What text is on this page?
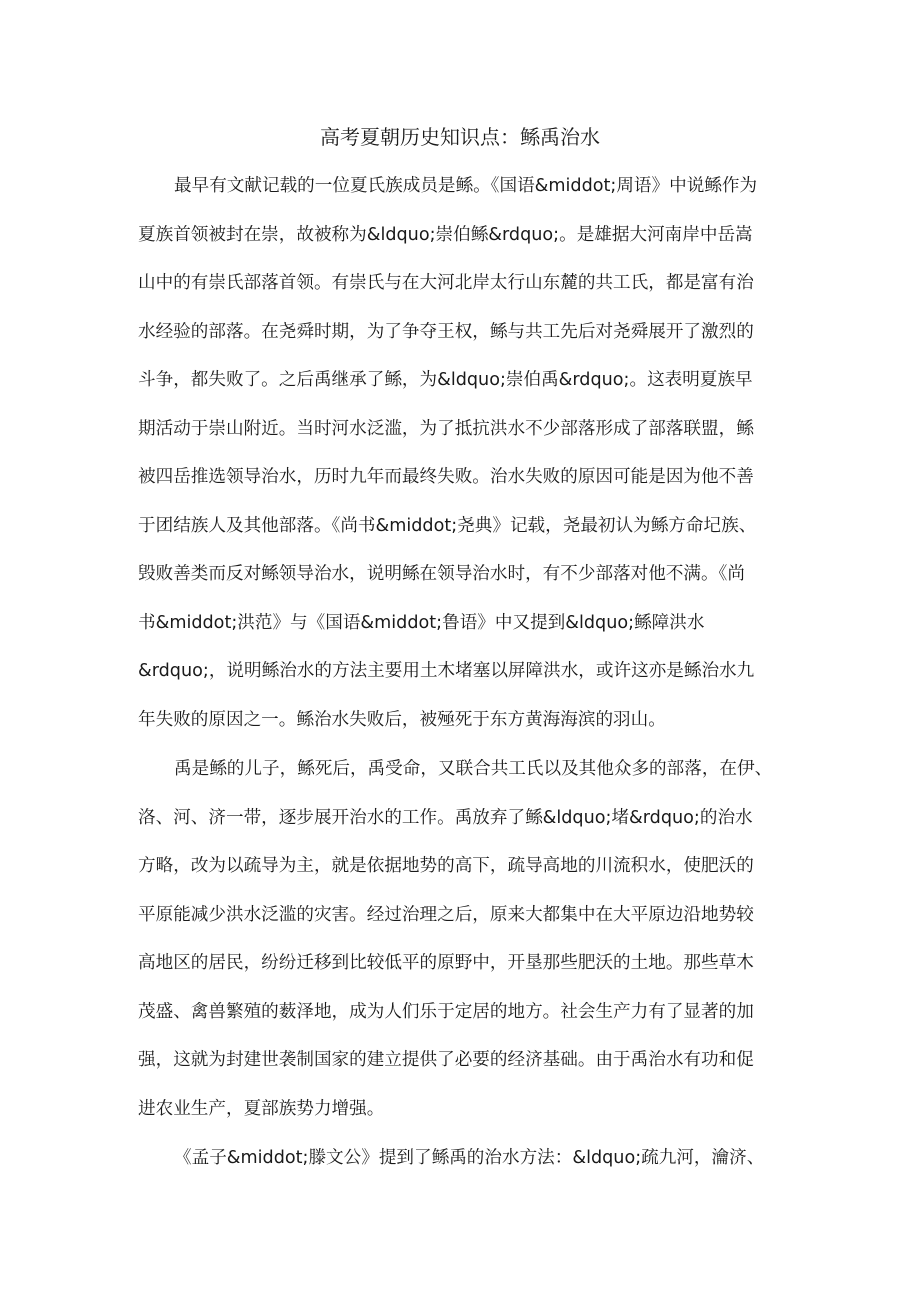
高考夏朝历史知识点：鲧禹治水
最早有文献记载的一位夏氏族成员是鲧。《国语&middot;周语》中说鲧作为
夏族首领被封在崇，故被称为&ldquo;崇伯鲧&rdquo;。是雄据大河南岸中岳嵩
山中的有崇氏部落首领。有崇氏与在大河北岸太行山东麓的共工氏，都是富有治
水经验的部落。在尧舜时期，为了争夺王权，鲧与共工先后对尧舜展开了激烈的
斗争，都失败了。之后禹继承了鲧，为&ldquo;崇伯禹&rdquo;。这表明夏族早
期活动于崇山附近。当时河水泛滥，为了抵抗洪水不少部落形成了部落联盟，鲧
被四岳推选领导治水，历时九年而最终失败。治水失败的原因可能是因为他不善
于团结族人及其他部落。《尚书&middot;尧典》记载，尧最初认为鲧方命圮族、
毁败善类而反对鲧领导治水，说明鲧在领导治水时，有不少部落对他不满。《尚
书&middot;洪范》与《国语&middot;鲁语》中又提到&ldquo;鲧障洪水
&rdquo;，说明鲧治水的方法主要用土木堵塞以屏障洪水，或许这亦是鲧治水九
年失败的原因之一。鲧治水失败后，被殛死于东方黄海海滨的羽山。
禹是鲧的儿子，鲧死后，禹受命，又联合共工氏以及其他众多的部落，在伊、
洛、河、济一带，逐步展开治水的工作。禹放弃了鲧&ldquo;堵&rdquo;的治水
方略，改为以疏导为主，就是依据地势的高下，疏导高地的川流积水，使肥沃的
平原能减少洪水泛滥的灾害。经过治理之后，原来大都集中在大平原边沿地势较
高地区的居民，纷纷迁移到比较低平的原野中，开垦那些肥沃的土地。那些草木
茂盛、禽兽繁殖的薮泽地，成为人们乐于定居的地方。社会生产力有了显著的加
强，这就为封建世袭制国家的建立提供了必要的经济基础。由于禹治水有功和促
进农业生产，夏部族势力增强。
《孟子&middot;滕文公》提到了鲧禹的治水方法：&ldquo;疏九河，瀹济、
